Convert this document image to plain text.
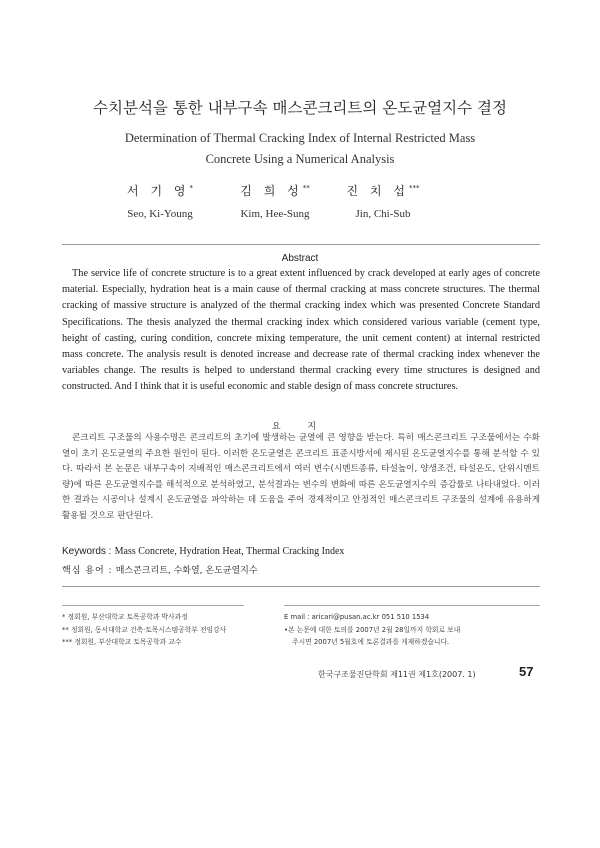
수치분석을 통한 내부구속 매스콘크리트의 온도균열지수 결정
Determination of Thermal Cracking Index of Internal Restricted Mass
Concrete Using a Numerical Analysis
서 기 영*
Seo, Ki-Young
김 희 성**
Kim, Hee-Sung
진 치 섭***
Jin, Chi-Sub
Abstract

The service life of concrete structure is to a great extent influenced by crack developed at early ages of concrete material. Especially, hydration heat is a main cause of thermal cracking at mass concrete structures. The thermal cracking of massive structure is analyzed of the thermal cracking index which was presented Concrete Standard Specifications. The thesis analyzed the thermal cracking index which considered various variable (cement type, height of casting, curing condition, concrete mixing temperature, the unit cement content) at internal restricted mass concrete. The analysis result is denoted increase and decrease rate of thermal cracking index whenever the variables change. The results is helped to understand thermal cracking every time structures is designed and constructed. And I think that it is useful economic and stable design of mass concrete structures.

요 지

콘크리트 구조물의 사용수명은 콘크리트의 초기에 발생하는 균열에 큰 영향을 받는다. 특히 매스콘크리트 구조물에서는 수화열이 초기 온도균열의 주요한 원인이 된다. 이러한 온도균열은 콘크리트 표준시방서에 제시된 온도균열지수를 통해 분석할 수 있다. 따라서 본 논문은 내부구속이 지배적인 매스콘크리트에서 여러 변수(시멘트종류, 타설높이, 양생조건, 타설온도, 단위시멘트량)에 따른 온도균열지수를 해석적으로 분석하였고, 분석결과는 변수의 변화에 따른 온도균열지수의 증감률로 나타내었다. 이러한 결과는 시공이나 설계시 온도균열을 파악하는 데 도움을 주어 경제적이고 안정적인 매스콘크리트 구조물의 설계에 유용하게 활용될 것으로 판단된다.

Keywords : Mass Concrete, Hydration Heat, Thermal Cracking Index
핵심 용어 : 매스콘크리트, 수화열, 온도균열지수
* 정회원, 부산대학교 토목공학과 박사과정
** 정회원, 동서대학교 건축·토목시스템공학부 전임강사
*** 정회원, 부산대학교 토목공학과 교수
E mail : aricari@pusan.ac.kr 051 510 1534
•본 논문에 대한 토의를 2007년 2월 28일까지 학회로 보내
주시면 2007년 5월호에 토론결과를 게재하겠습니다.
한국구조물진단학회 제11권 제1호(2007. 1)	57
